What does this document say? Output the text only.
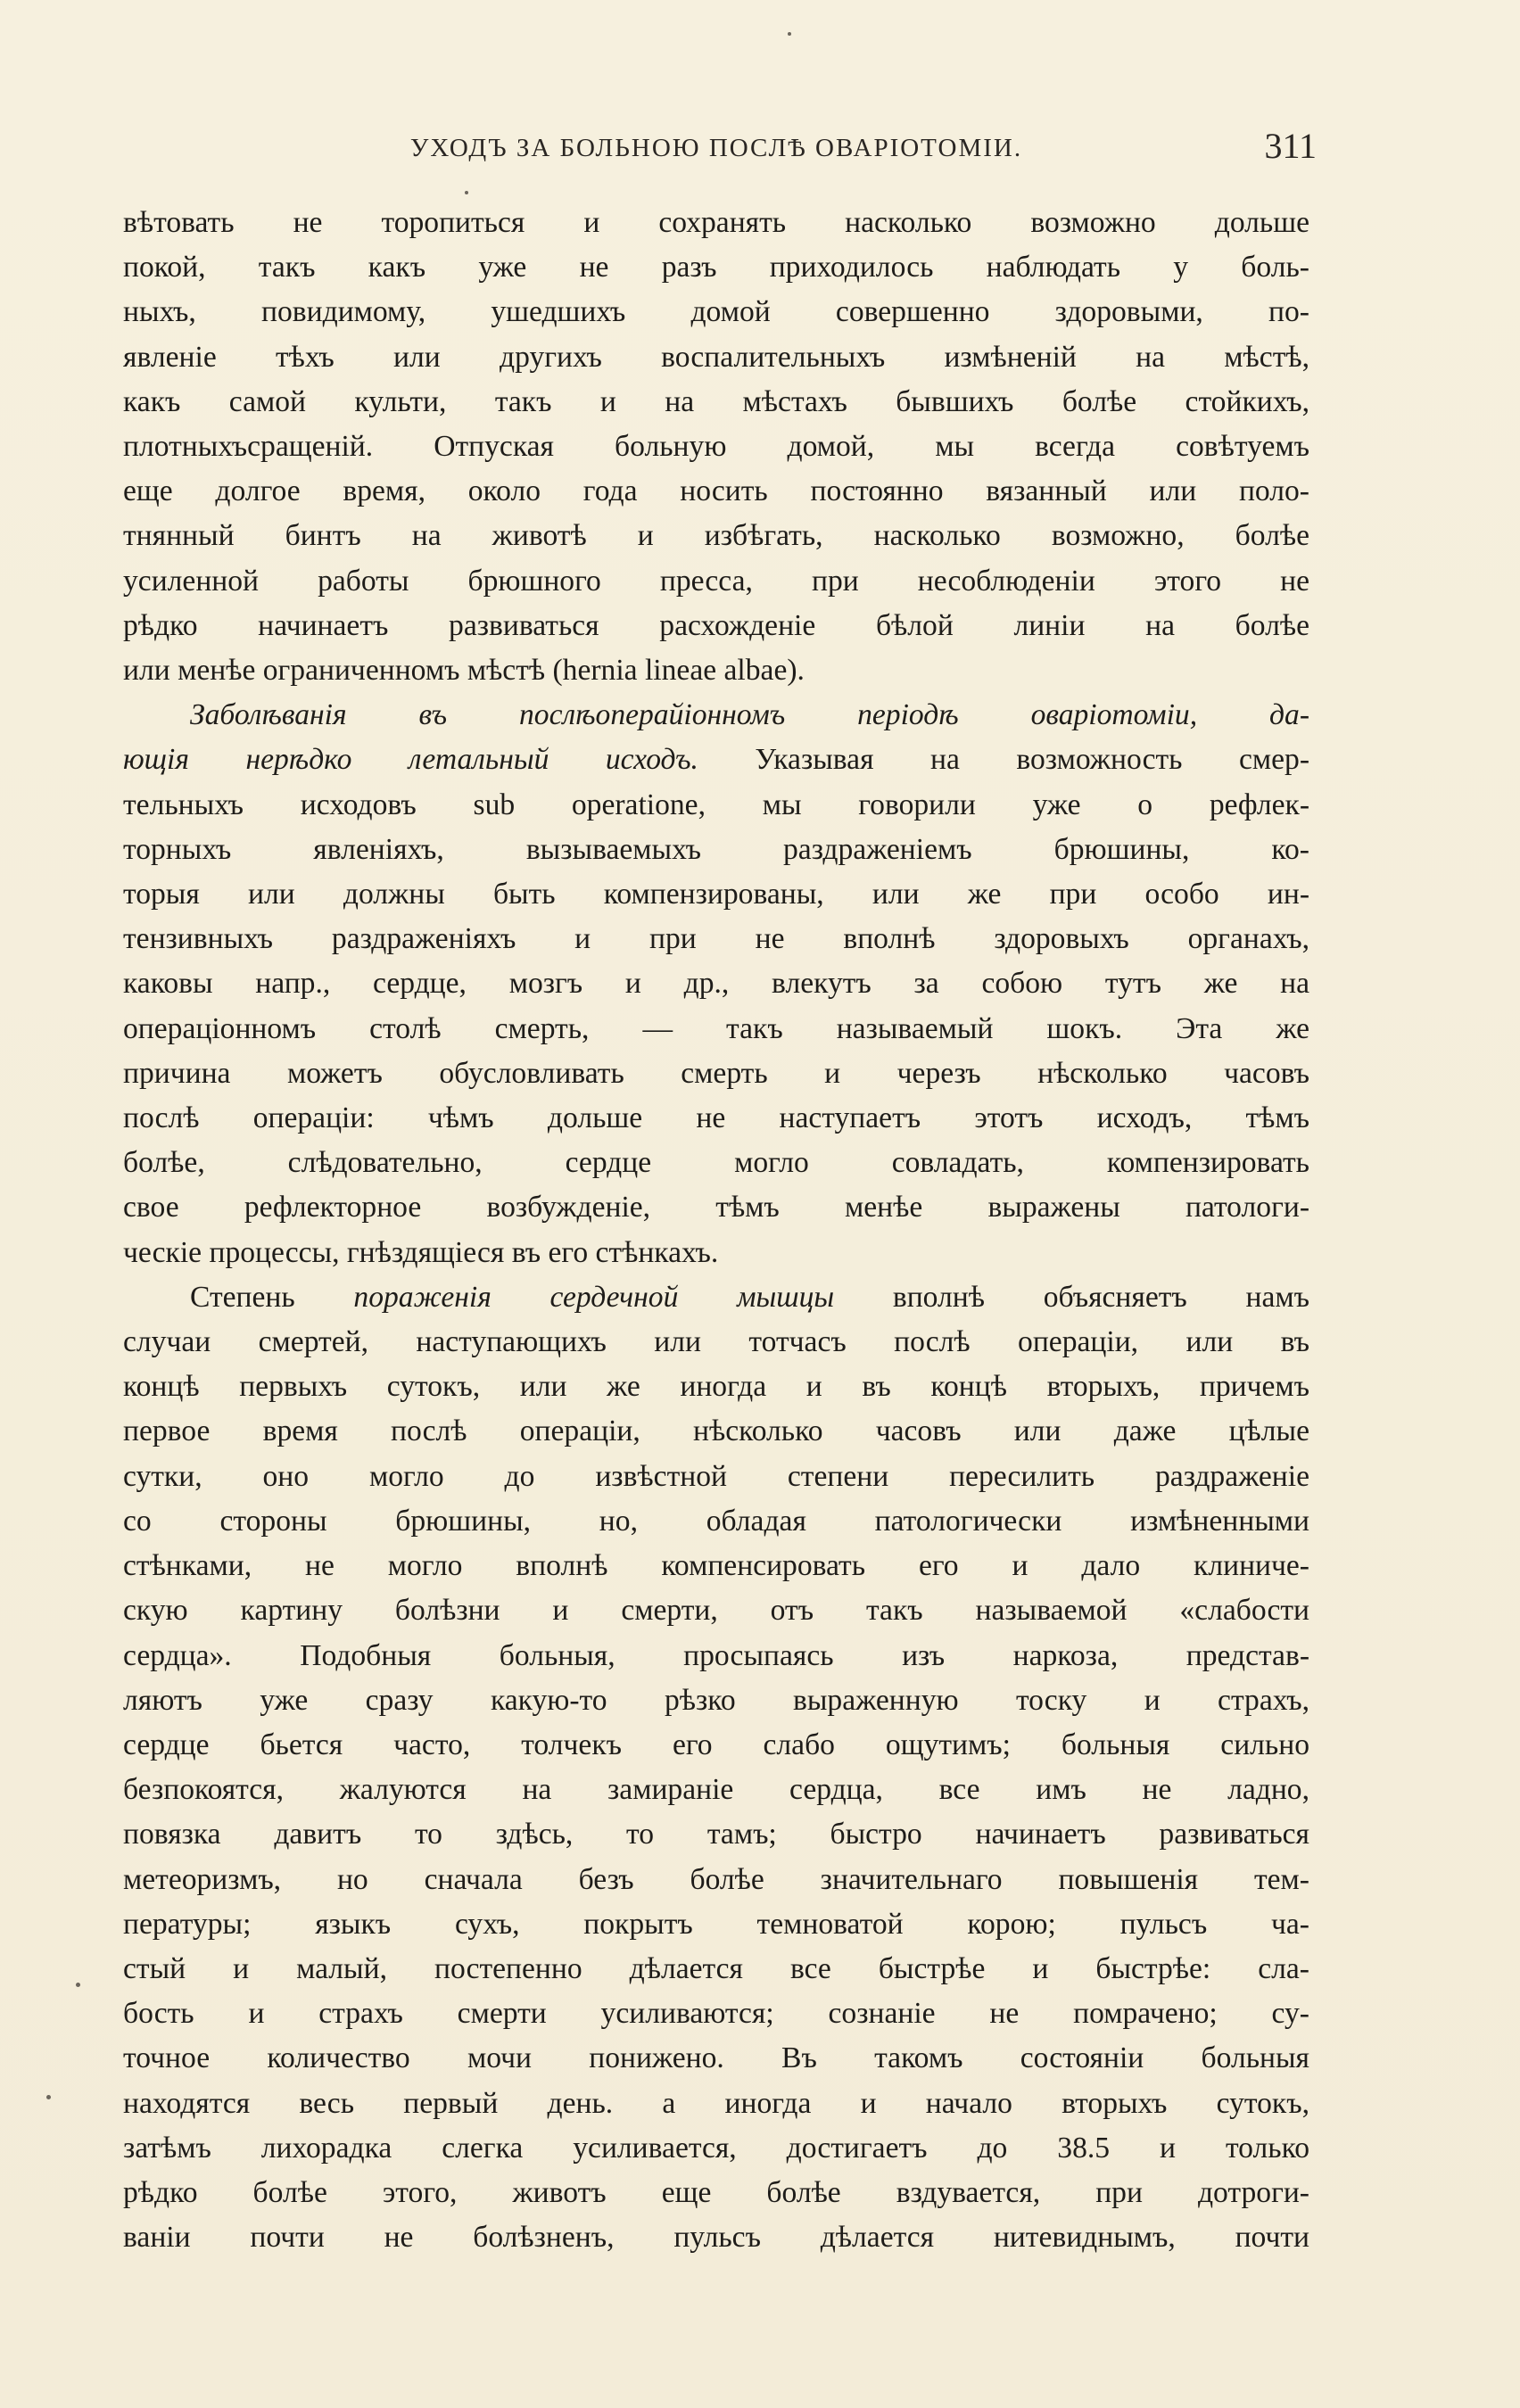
УХОДЪ ЗА БОЛЬНОЮ ПОСЛѢ ОВАРІОТОМІИ.	311
вѣтовать не торопиться и сохранять насколько возможно дольше
покой, такъ какъ уже не разъ приходилось наблюдать у боль-
ныхъ, повидимому, ушедшихъ домой совершенно здоровыми, по-
явленіе тѣхъ или другихъ воспалительныхъ измѣненій на мѣстѣ,
какъ самой культи, такъ и на мѣстахъ бывшихъ болѣе стойкихъ,
плотныхъсращеній. Отпуская больную домой, мы всегда совѣтуемъ
еще долгое время, около года носить постоянно вязанный или поло-
тнянный бинтъ на животѣ и избѣгать, насколько возможно, болѣе
усиленной работы брюшного пресса, при несоблюденіи этого не
рѣдко начинаетъ развиваться расхожденіе бѣлой линіи на болѣе
или менѣе ограниченномъ мѣстѣ (hernia lineae albae).
Заболѣванія въ послѣоперайіонномъ періодѣ оваріотоміи, да-
ющія нерѣдко летальный исходъ. Указывая на возможность смер-
тельныхъ исходовъ sub operatione, мы говорили уже о рефлек-
торныхъ явленіяхъ, вызываемыхъ раздраженіемъ брюшины, ко-
торыя или должны быть компензированы, или же при особо ин-
тензивныхъ раздраженіяхъ и при не вполнѣ здоровыхъ органахъ,
каковы напр., сердце, мозгъ и др., влекутъ за собою тутъ же на
операціонномъ столѣ смерть, — такъ называемый шокъ. Эта же
причина можетъ обусловливать смерть и черезъ нѣсколько часовъ
послѣ операціи: чѣмъ дольше не наступаетъ этотъ исходъ, тѣмъ
болѣе, слѣдовательно, сердце могло совладать, компензировать
свое рефлекторное возбужденіе, тѣмъ менѣе выражены патологи-
ческіе процессы, гнѣздящіеся въ его стѣнкахъ.
Степень пораженія сердечной мышцы вполнѣ объясняетъ намъ
случаи смертей, наступающихъ или тотчасъ послѣ операціи, или въ
концѣ первыхъ сутокъ, или же иногда и въ концѣ вторыхъ, причемъ
первое время послѣ операціи, нѣсколько часовъ или даже цѣлые
сутки, оно могло до извѣстной степени пересилить раздраженіе
со стороны брюшины, но, обладая патологически измѣненными
стѣнками, не могло вполнѣ компенсировать его и дало клиниче-
скую картину болѣзни и смерти, отъ такъ называемой «слабости
сердца». Подобныя больныя, просыпаясь изъ наркоза, представ-
ляютъ уже сразу какую-то рѣзко выраженную тоску и страхъ,
сердце бьется часто, толчекъ его слабо ощутимъ; больныя сильно
безпокоятся, жалуются на замираніе сердца, все имъ не ладно,
повязка давитъ то здѣсь, то тамъ; быстро начинаетъ развиваться
метеоризмъ, но сначала безъ болѣе значительнаго повышенія тем-
пературы; языкъ сухъ, покрытъ темноватой корою; пульсъ ча-
стый и малый, постепенно дѣлается все быстрѣе и быстрѣе: сла-
бость и страхъ смерти усиливаются; сознаніе не помрачено; су-
точное количество мочи понижено. Въ такомъ состояніи больныя
находятся весь первый день. а иногда и начало вторыхъ сутокъ,
затѣмъ лихорадка слегка усиливается, достигаетъ до 38.5 и только
рѣдко болѣе этого, животъ еще болѣе вздувается, при дотроги-
ваніи почти не болѣзненъ, пульсъ дѣлается нитевиднымъ, почти
